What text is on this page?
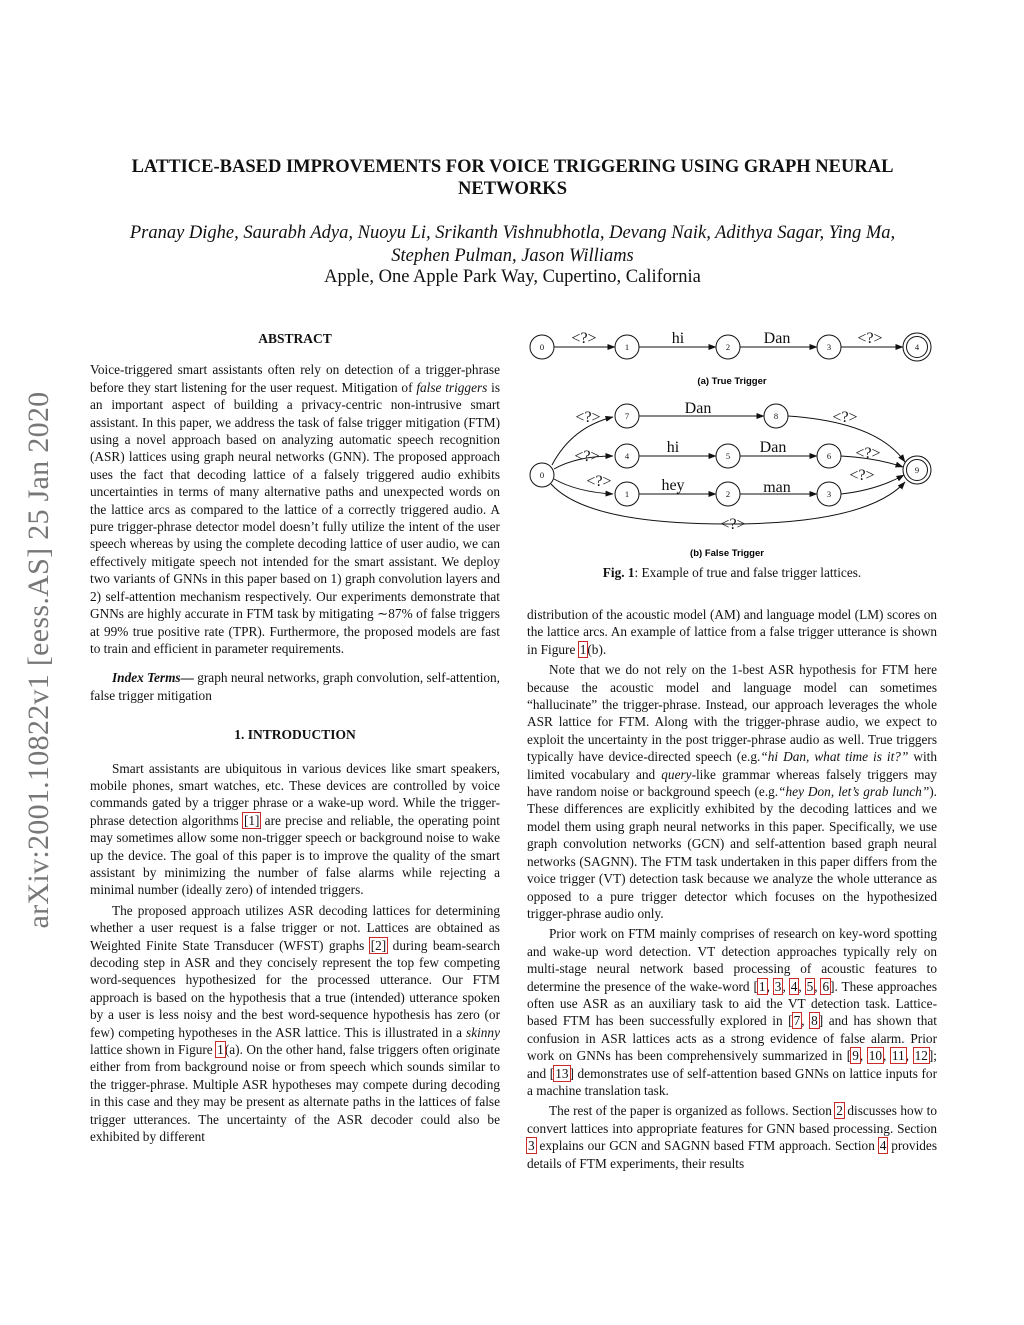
arXiv:2001.10822v1 [eess.AS] 25 Jan 2020
LATTICE-BASED IMPROVEMENTS FOR VOICE TRIGGERING USING GRAPH NEURAL
NETWORKS
Pranay Dighe, Saurabh Adya, Nuoyu Li, Srikanth Vishnubhotla, Devang Naik, Adithya Sagar, Ying Ma,
Stephen Pulman, Jason Williams
Apple, One Apple Park Way, Cupertino, California
ABSTRACT

Voice-triggered smart assistants often rely on detection of a trigger-phrase before they start listening for the user request. Mitigation of false triggers is an important aspect of building a privacy-centric non-intrusive smart assistant. In this paper, we address the task of false trigger mitigation (FTM) using a novel approach based on analyzing automatic speech recognition (ASR) lattices using graph neural networks (GNN). The proposed approach uses the fact that decoding lattice of a falsely triggered audio exhibits uncertainties in terms of many alternative paths and unexpected words on the lattice arcs as compared to the lattice of a correctly triggered audio. A pure trigger-phrase detector model doesn’t fully utilize the intent of the user speech whereas by using the complete decoding lattice of user audio, we can effectively mitigate speech not intended for the smart assistant. We deploy two variants of GNNs in this paper based on 1) graph convolution layers and 2) self-attention mechanism respectively. Our experiments demonstrate that GNNs are highly accurate in FTM task by mitigating ∼87% of false triggers at 99% true positive rate (TPR). Furthermore, the proposed models are fast to train and efficient in parameter requirements.

Index Terms— graph neural networks, graph convolution, self-attention, false trigger mitigation

1. INTRODUCTION

Smart assistants are ubiquitous in various devices like smart speakers, mobile phones, smart watches, etc. These devices are controlled by voice commands gated by a trigger phrase or a wake-up word. While the trigger-phrase detection algorithms [1] are precise and reliable, the operating point may sometimes allow some non-trigger speech or background noise to wake up the device. The goal of this paper is to improve the quality of the smart assistant by minimizing the number of false alarms while rejecting a minimal number (ideally zero) of intended triggers.

The proposed approach utilizes ASR decoding lattices for determining whether a user request is a false trigger or not. Lattices are obtained as Weighted Finite State Transducer (WFST) graphs [2] during beam-search decoding step in ASR and they concisely represent the top few competing word-sequences hypothesized for the processed utterance. Our FTM approach is based on the hypothesis that a true (intended) utterance spoken by a user is less noisy and the best word-sequence hypothesis has zero (or few) competing hypotheses in the ASR lattice. This is illustrated in a skinny lattice shown in Figure 1(a). On the other hand, false triggers often originate either from from background noise or from speech which sounds similar to the trigger-phrase. Multiple ASR hypotheses may compete during decoding in this case and they may be present as alternate paths in the lattices of false trigger utterances. The uncertainty of the ASR decoder could also be exhibited by different

0	1	2	3	4
0
7	8
4	5	6
1	2	3
9
<?>	hi	Dan	<?>
<?>
Dan
<?>
<?>
hi	Dan	<?>
<?>	hey	man
<?>
<?>
(a) True Trigger
(b) False Trigger
Fig. 1: Example of true and false trigger lattices.

distribution of the acoustic model (AM) and language model (LM) scores on the lattice arcs. An example of lattice from a false trigger utterance is shown in Figure 1(b).

Note that we do not rely on the 1-best ASR hypothesis for FTM here because the acoustic model and language model can sometimes “hallucinate” the trigger-phrase. Instead, our approach leverages the whole ASR lattice for FTM. Along with the trigger-phrase audio, we expect to exploit the uncertainty in the post trigger-phrase audio as well. True triggers typically have device-directed speech (e.g.“hi Dan, what time is it?” with limited vocabulary and query-like grammar whereas falsely triggers may have random noise or background speech (e.g.“hey Don, let’s grab lunch”). These differences are explicitly exhibited by the decoding lattices and we model them using graph neural networks in this paper. Specifically, we use graph convolution networks (GCN) and self-attention based graph neural networks (SAGNN). The FTM task undertaken in this paper differs from the voice trigger (VT) detection task because we analyze the whole utterance as opposed to a pure trigger detector which focuses on the hypothesized trigger-phrase audio only.

Prior work on FTM mainly comprises of research on key-word spotting and wake-up word detection. VT detection approaches typically rely on multi-stage neural network based processing of acoustic features to determine the presence of the wake-word [1, 3, 4, 5, 6]. These approaches often use ASR as an auxiliary task to aid the VT detection task. Lattice-based FTM has been successfully explored in [7, 8] and has shown that confusion in ASR lattices acts as a strong evidence of false alarm. Prior work on GNNs has been comprehensively summarized in [9, 10, 11, 12]; and [13] demonstrates use of self-attention based GNNs on lattice inputs for a machine translation task.

The rest of the paper is organized as follows. Section 2 discusses how to convert lattices into appropriate features for GNN based processing. Section 3 explains our GCN and SAGNN based FTM approach. Section 4 provides details of FTM experiments, their results
